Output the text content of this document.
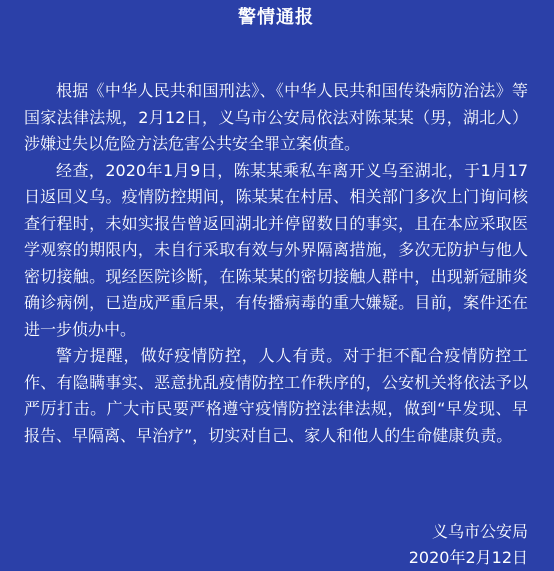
警情通报

根据《中华人民共和国刑法》、《中华人民共和国传染病防治法》等国家法律法规，2月12日，义乌市公安局依法对陈某某（男，湖北人）涉嫌过失以危险方法危害公共安全罪立案侦查。

经查，2020年1月9日，陈某某乘私车离开义乌至湖北，于1月17日返回义乌。疫情防控期间，陈某某在村居、相关部门多次上门询问核查行程时，未如实报告曾返回湖北并停留数日的事实，且在本应采取医学观察的期限内，未自行采取有效与外界隔离措施，多次无防护与他人密切接触。现经医院诊断，在陈某某的密切接触人群中，出现新冠肺炎确诊病例，已造成严重后果，有传播病毒的重大嫌疑。目前，案件还在进一步侦办中。

警方提醒，做好疫情防控，人人有责。对于拒不配合疫情防控工作、有隐瞒事实、恶意扰乱疫情防控工作秩序的，公安机关将依法予以严厉打击。广大市民要严格遵守疫情防控法律法规，做到“早发现、早报告、早隔离、早治疗”，切实对自己、家人和他人的生命健康负责。

义乌市公安局
2020年2月12日
